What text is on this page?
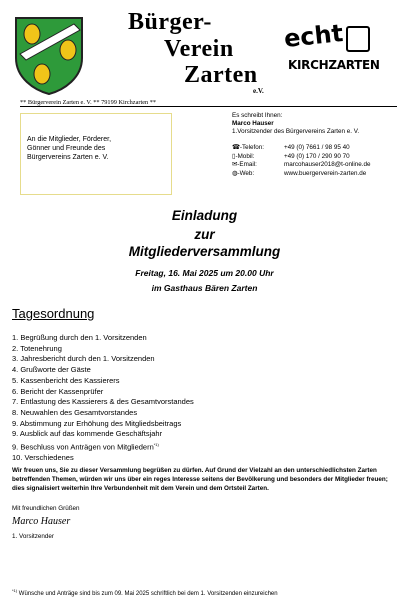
Bürger-
Verein
Zarten
e.V.
echt
KIRCHZARTEN
** Bürgerverein Zarten e. V. ** 79199 Kirchzarten **
An die Mitglieder, Förderer,
Gönner und Freunde des
Bürgervereins Zarten e. V.
Es schreibt Ihnen:
Marco Hauser
1.Vorsitzender des Bürgervereins Zarten e. V.
☎-Telefon:	+49 (0) 7661 / 98 95 40
▯-Mobil:	+49 (0) 170 / 290 90 70
✉-Email:	marcohauser2018@t-online.de
◍-Web:	www.buergerverein-zarten.de
Einladung
zur
Mitgliederversammlung
Freitag, 16. Mai 2025 um 20.00 Uhr
im Gasthaus Bären Zarten
Tagesordnung
1. Begrüßung durch den 1. Vorsitzenden
2. Totenehrung
3. Jahresbericht durch den 1. Vorsitzenden
4. Grußworte der Gäste
5. Kassenbericht des Kassierers
6. Bericht der Kassenprüfer
7. Entlastung des Kassierers & des Gesamtvorstandes
8. Neuwahlen des Gesamtvorstandes
9. Abstimmung zur Erhöhung des Mitgliedsbeitrags
9. Ausblick auf das kommende Geschäftsjahr
9. Beschluss von Anträgen von Mitgliedern$^{*1)}$
10. Verschiedenes
Wir freuen uns, Sie zu dieser Versammlung begrüßen zu dürfen. Auf Grund der Vielzahl an den unterschiedlichsten Zarten betreffenden Themen, würden wir uns über ein reges Interesse seitens der Bevölkerung und besonders der Mitglieder freuen; dies signalisiert weiterhin Ihre Verbundenheit mit dem Verein und dem Ortsteil Zarten.
Mit freundlichen Grüßen
Marco Hauser
1. Vorsitzender
$^{*1)}$ Wünsche und Anträge sind bis zum 09. Mai 2025 schriftlich bei dem 1. Vorsitzenden einzureichen
